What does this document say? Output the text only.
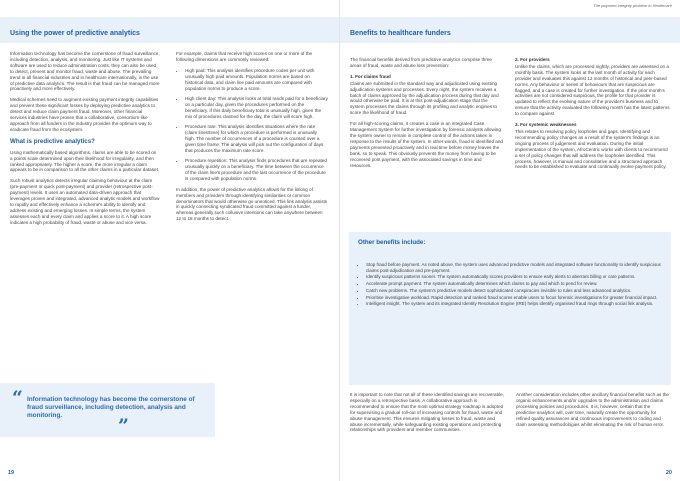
Using the power of predictive analytics

Information technology has become the cornerstone of fraud surveillance, including detection, analysis, and monitoring. Just like IT systems and software are used to reduce administration costs, they can also be used to detect, prevent and monitor fraud, waste and abuse. The prevailing trend in all financial industries and in healthcare internationally, is the use of predictive data analytics. The result is that fraud can be managed more proactively and more effectively.

Medical schemes need to augment existing payment integrity capabilities and prevent these significant losses by deploying predictive analytics to detect and reduce claim payment fraud. Moreover, other financial services industries have proven that a collaborative, consortium-like approach from all funders in the industry provides the optimum way to eradicate fraud from the ecosystem.

What is predictive analytics?

Using mathematically based algorithms, claims are able to be scored on a points scale determined upon their likelihood for irregularity, and then ranked appropriately. The higher a score, the more irregular a claim appears to be in comparison to all the other claims in a particular dataset.

Such robust analytics detects irregular claiming behaviour at the claim (pre-payment or quick post-payment) and provider (retrospective post-payment) levels. It uses an automated data-driven approach that leverages proven and integrated, advanced analytic models and workflow to rapidly and effectively enhance a scheme's ability to identify and address existing and emerging losses. In simple terms, the system assesses each and every claim and applies a score to it. A high score indicates a high probability of fraud, waste or abuse and vice versa.

For example, claims that receive high scores on one or more of the following dimensions are commonly reviewed:

• High paid: This analysis identifies procedure codes per unit with unusually high paid amounts. Population norms are based on historical data, and claim line paid amounts are compared with population norms to produce a score.
• High client day: This analysis looks at total rands paid for a beneficiary on a particular day, given the procedures performed on the beneficiary. If this daily beneficiary total is unusually high, given the mix of procedures claimed for the day, the claim will score high.
• Procedure rate: This analysis identifies situations where the rate (claim lines/time) for which a procedure is performed is unusually high. The number of occurrences of a procedure is counted over a given time frame. The analysis will pick out the configuration of days that produces the maximum rate score.
• Procedure repetition: This analysis finds procedures that are repeated unusually quickly on a beneficiary. The time between the occurrence of the claim line's procedure and the last occurrence of the procedure is compared with population norms.

In addition, the power of predictive analytics allows for the linking of members and providers through identifying similarities or common denominators that would otherwise go unnoticed. This link analysis assists in quickly connecting syndicated fraud committed against a funder, whereas generally such collusive intentions can take anywhere between 12 to 18 months to detect.

“ Information technology has become the cornerstone of fraud surveillance, including detection, analysis and monitoring.	”
19
The payment integrity problem in Healthcare
Benefits to healthcare funders

The financial benefits derived from predictive analytics comprise three areas of fraud, waste and abuse loss prevention:

1. For claims fraud

Claims are submitted in the standard way and adjudicated using existing adjudication systems and processes. Every night, the system receives a batch of claims approved by the adjudication process during that day and would otherwise be paid. It is at this post-adjudication stage that the system processes the claims through its profiling and analytic engines to score the likelihood of fraud.

For all high-scoring claims, it creates a case in an integrated Case Management System for further investigation by forensic analysts allowing the system owner to remain in complete control of the actions taken in response to the results of the system. In other words, fraud is identified and payments prevented proactively and in real time before money leaves the bank, so to speak. This obviously prevents the money from having to be recovered post payment, with the associated savings in time and resources.

2. For providers

Unlike the claims, which are processed nightly, providers are assessed on a monthly basis. The system looks at the last month of activity for each provider and evaluates this against 12 months of historical and peer-based norms. Any behaviour or series of behaviours that are suspicious are flagged, and a case is created for further investigation. If the prior month's activities are not considered suspicious, the profile for that provider is updated to reflect the evolving nature of the provider's business and to ensure that the activity evaluated the following month has the latest patterns to compare against.

3. For systemic weaknesses

This relates to resolving policy loopholes and gaps. Identifying and recommending policy changes as a result of the system's findings is an ongoing process of judgement and evaluation. During the initial implementation of the system, AfroCentric works with clients to recommend a set of policy changes that will address the loopholes identified. This process, however, is manual and consultative and a structured approach needs to be established to evaluate and continually evolve payment policy.

Other benefits include:
• Stop fraud before payment. As noted above, the system uses advanced predictive models and integrated software functionality to identify suspicious claims post-adjudication and pre-payment.
• Identify suspicious patterns sooner. The system automatically scores providers to ensure early alerts to aberrant billing or care patterns.
• Accelerate prompt payment. The system automatically determines which claims to pay and which to pend for review.
• Catch new problems. The system's predictive models detect sophisticated conspiracies invisible to rules and less advanced analytics.
• Prioritise investigative workload. Rapid detection and ranked fraud scores enable users to focus forensic investigations for greater financial impact.
• Intelligent insight. The system and its integrated Identity Resolution Engine (IRE) helps identify organised fraud rings through social link analysis.

It is important to note that not all of these identified savings are recoverable, especially on a retrospective basis. A collaborative approach is recommended to ensure that the most optimal strategy roadmap is adopted for supervising a gradual roll-out of increasing controls for fraud, waste and abuse management. This ensures mitigating losses to fraud, waste and abuse incrementally, while safeguarding existing operations and protecting relationships with providers and member communities.

Another consideration includes other ancillary financial benefits such as the organic enhancements and/or upgrades to the administration and claims processing policies and procedures. It is, however, certain that the predictive analytics will, over time, naturally create the opportunity for refined quality assurances and continuous improvements to coding and claim assessing methodologies whilst eliminating the risk of human error.

20
